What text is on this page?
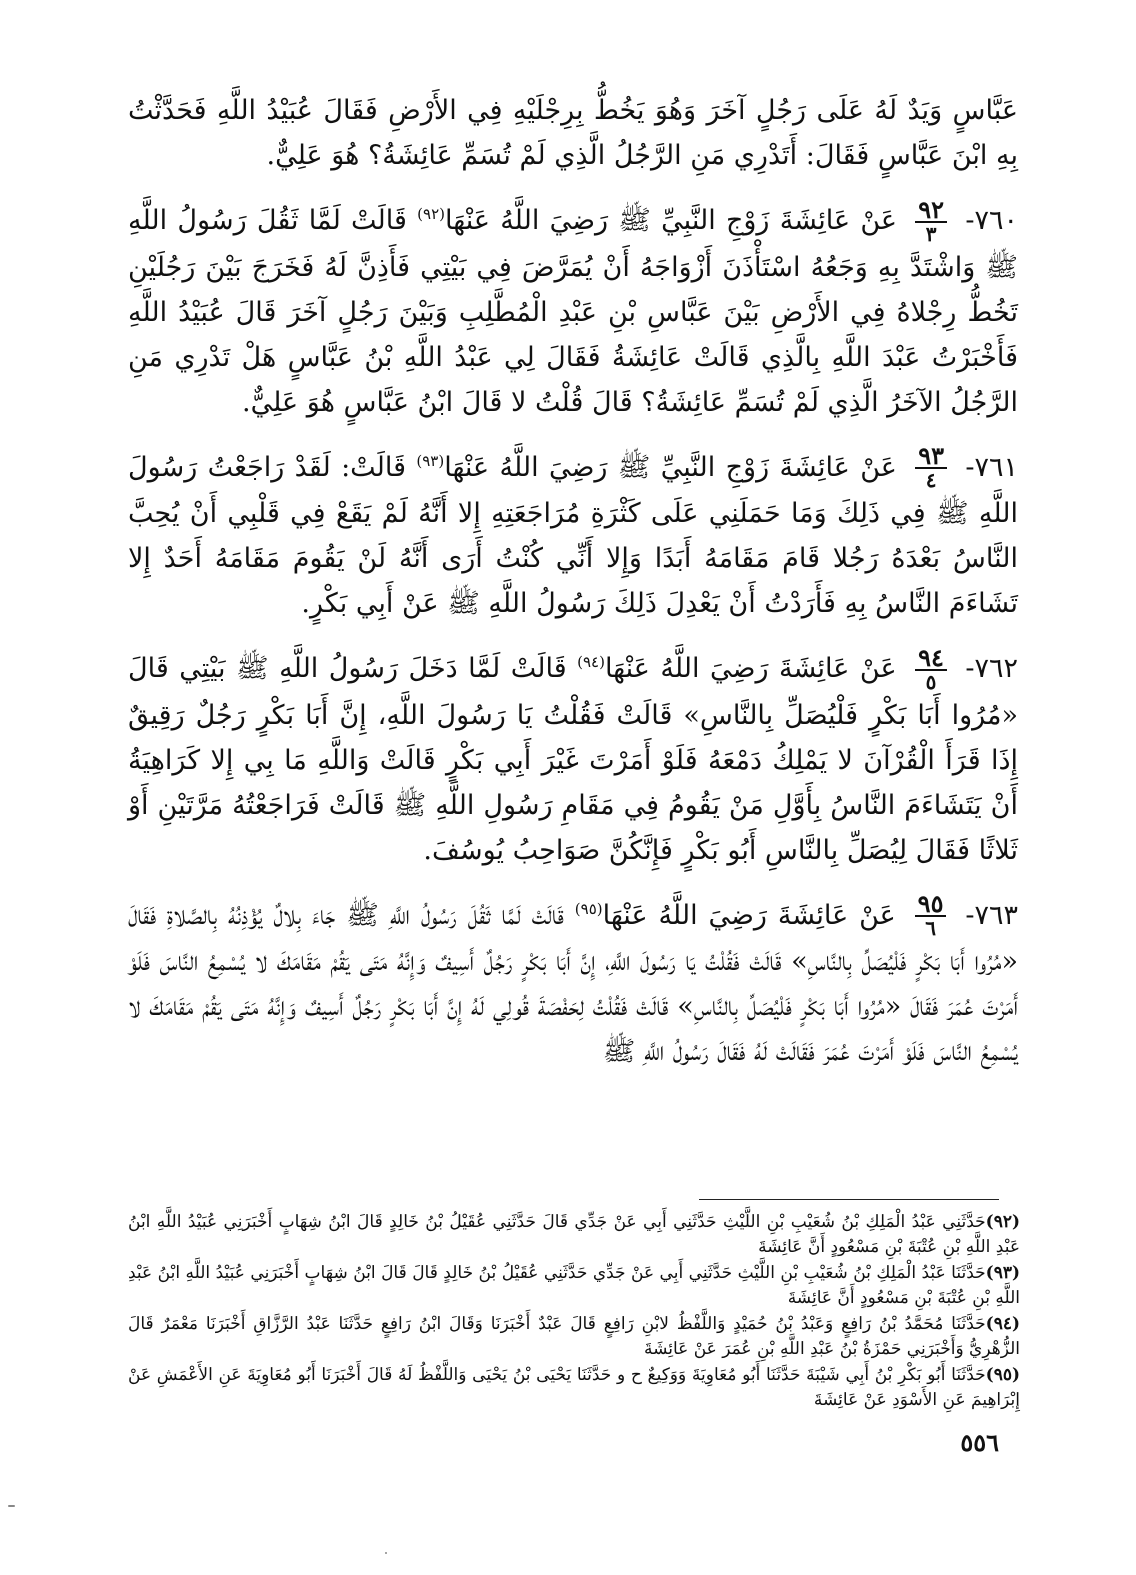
عَبَّاسٍ وَيَدٌ لَهُ عَلَى رَجُلٍ آخَرَ وَهُوَ يَخُطُّ بِرِجْلَيْهِ فِي الأَرْضِ فَقَالَ عُبَيْدُ اللَّهِ فَحَدَّثْتُ بِهِ ابْنَ عَبَّاسٍ فَقَالَ: أَتَدْرِي مَنِ الرَّجُلُ الَّذِي لَمْ تُسَمِّ عَائِشَةُ؟ هُوَ عَلِيٌّ.

٧٦٠-
$\frac{٩٢}{٣}$
عَنْ عَائِشَةَ زَوْجِ النَّبِيِّ ﷺ رَضِيَ اللَّهُ عَنْهَا$^{(٩٢)}$ قَالَتْ لَمَّا ثَقُلَ رَسُولُ اللَّهِ ﷺ وَاشْتَدَّ بِهِ وَجَعُهُ اسْتَأْذَنَ أَزْوَاجَهُ أَنْ يُمَرَّضَ فِي بَيْتِي فَأَذِنَّ لَهُ فَخَرَجَ بَيْنَ رَجُلَيْنِ تَخُطُّ رِجْلاهُ فِي الأَرْضِ بَيْنَ عَبَّاسِ بْنِ عَبْدِ الْمُطَّلِبِ وَبَيْنَ رَجُلٍ آخَرَ قَالَ عُبَيْدُ اللَّهِ فَأَخْبَرْتُ عَبْدَ اللَّهِ بِالَّذِي قَالَتْ عَائِشَةُ فَقَالَ لِي عَبْدُ اللَّهِ بْنُ عَبَّاسٍ هَلْ تَدْرِي مَنِ الرَّجُلُ الآخَرُ الَّذِي لَمْ تُسَمِّ عَائِشَةُ؟ قَالَ قُلْتُ لا قَالَ ابْنُ عَبَّاسٍ هُوَ عَلِيٌّ.

٧٦١-
$\frac{٩٣}{٤}$
عَنْ عَائِشَةَ زَوْجِ النَّبِيِّ ﷺ رَضِيَ اللَّهُ عَنْهَا$^{(٩٣)}$ قَالَتْ: لَقَدْ رَاجَعْتُ رَسُولَ اللَّهِ ﷺ فِي ذَلِكَ وَمَا حَمَلَنِي عَلَى كَثْرَةِ مُرَاجَعَتِهِ إِلا أَنَّهُ لَمْ يَقَعْ فِي قَلْبِي أَنْ يُحِبَّ النَّاسُ بَعْدَهُ رَجُلا قَامَ مَقَامَهُ أَبَدًا وَإِلا أَنِّي كُنْتُ أَرَى أَنَّهُ لَنْ يَقُومَ مَقَامَهُ أَحَدٌ إِلا تَشَاءَمَ النَّاسُ بِهِ فَأَرَدْتُ أَنْ يَعْدِلَ ذَلِكَ رَسُولُ اللَّهِ ﷺ عَنْ أَبِي بَكْرٍ.

٧٦٢-
$\frac{٩٤}{٥}$
عَنْ عَائِشَةَ رَضِيَ اللَّهُ عَنْهَا$^{(٩٤)}$ قَالَتْ لَمَّا دَخَلَ رَسُولُ اللَّهِ ﷺ بَيْتِي قَالَ «مُرُوا أَبَا بَكْرٍ فَلْيُصَلِّ بِالنَّاسِ» قَالَتْ فَقُلْتُ يَا رَسُولَ اللَّهِ، إِنَّ أَبَا بَكْرٍ رَجُلٌ رَقِيقٌ إِذَا قَرَأَ الْقُرْآنَ لا يَمْلِكُ دَمْعَهُ فَلَوْ أَمَرْتَ غَيْرَ أَبِي بَكْرٍ قَالَتْ وَاللَّهِ مَا بِي إِلا كَرَاهِيَةُ أَنْ يَتَشَاءَمَ النَّاسُ بِأَوَّلِ مَنْ يَقُومُ فِي مَقَامِ رَسُولِ اللَّهِ ﷺ قَالَتْ فَرَاجَعْتُهُ مَرَّتَيْنِ أَوْ ثَلاثًا فَقَالَ لِيُصَلِّ بِالنَّاسِ أَبُو بَكْرٍ فَإِنَّكُنَّ صَوَاحِبُ يُوسُفَ.

٧٦٣-
$\frac{٩٥}{٦}$
عَنْ عَائِشَةَ رَضِيَ اللَّهُ عَنْهَا$^{(٩٥)}$ قَالَتْ لَمَّا ثَقُلَ رَسُولُ اللَّهِ ﷺ جَاءَ بِلالٌ يُؤْذِنُهُ بِالصَّلاةِ فَقَالَ «مُرُوا أَبَا بَكْرٍ فَلْيُصَلِّ بِالنَّاسِ» قَالَتْ فَقُلْتُ يَا رَسُولَ اللَّهِ، إِنَّ أَبَا بَكْرٍ رَجُلٌ أَسِيفٌ وَإِنَّهُ مَتَى يَقُمْ مَقَامَكَ لا يُسْمِعُ النَّاسَ فَلَوْ أَمَرْتَ عُمَرَ فَقَالَ «مُرُوا أَبَا بَكْرٍ فَلْيُصَلِّ بِالنَّاسِ» قَالَتْ فَقُلْتُ لِحَفْصَةَ قُولِي لَهُ إِنَّ أَبَا بَكْرٍ رَجُلٌ أَسِيفٌ وَإِنَّهُ مَتَى يَقُمْ مَقَامَكَ لا يُسْمِعُ النَّاسَ فَلَوْ أَمَرْتَ عُمَرَ فَقَالَتْ لَهُ فَقَالَ رَسُولُ اللَّهِ ﷺ

(٩٢)حَدَّثَنِي عَبْدُ الْمَلِكِ بْنُ شُعَيْبِ بْنِ اللَّيْثِ حَدَّثَنِي أَبِي عَنْ جَدِّي قَالَ حَدَّثَنِي عُقَيْلُ بْنُ خَالِدٍ قَالَ ابْنُ شِهَابٍ أَخْبَرَنِي عُبَيْدُ اللَّهِ ابْنُ عَبْدِ اللَّهِ بْنِ عُتْبَةَ بْنِ مَسْعُودٍ أَنَّ عَائِشَةَ

(٩٣)حَدَّثَنَا عَبْدُ الْمَلِكِ بْنُ شُعَيْبِ بْنِ اللَّيْثِ حَدَّثَنِي أَبِي عَنْ جَدِّي حَدَّثَنِي عُقَيْلُ بْنُ خَالِدٍ قَالَ قَالَ ابْنُ شِهَابٍ أَخْبَرَنِي عُبَيْدُ اللَّهِ ابْنُ عَبْدِ اللَّهِ بْنِ عُتْبَةَ بْنِ مَسْعُودٍ أَنَّ عَائِشَةَ

(٩٤)حَدَّثَنَا مُحَمَّدُ بْنُ رَافِعٍ وَعَبْدُ بْنُ حُمَيْدٍ وَاللَّفْظُ لابْنِ رَافِعٍ قَالَ عَبْدٌ أَخْبَرَنَا وَقَالَ ابْنُ رَافِعٍ حَدَّثَنَا عَبْدُ الرَّزَّاقِ أَخْبَرَنَا مَعْمَرٌ قَالَ الزُّهْرِيُّ وَأَخْبَرَنِي حَمْزَةُ بْنُ عَبْدِ اللَّهِ بْنِ عُمَرَ عَنْ عَائِشَةَ

(٩٥)حَدَّثَنَا أَبُو بَكْرِ بْنُ أَبِي شَيْبَةَ حَدَّثَنَا أَبُو مُعَاوِيَةَ وَوَكِيعٌ ح و حَدَّثَنَا يَحْيَى بْنُ يَحْيَى وَاللَّفْظُ لَهُ قَالَ أَخْبَرَنَا أَبُو مُعَاوِيَةَ عَنِ الأَعْمَشِ عَنْ إِبْرَاهِيمَ عَنِ الأَسْوَدِ عَنْ عَائِشَةَ

٥٥٦
